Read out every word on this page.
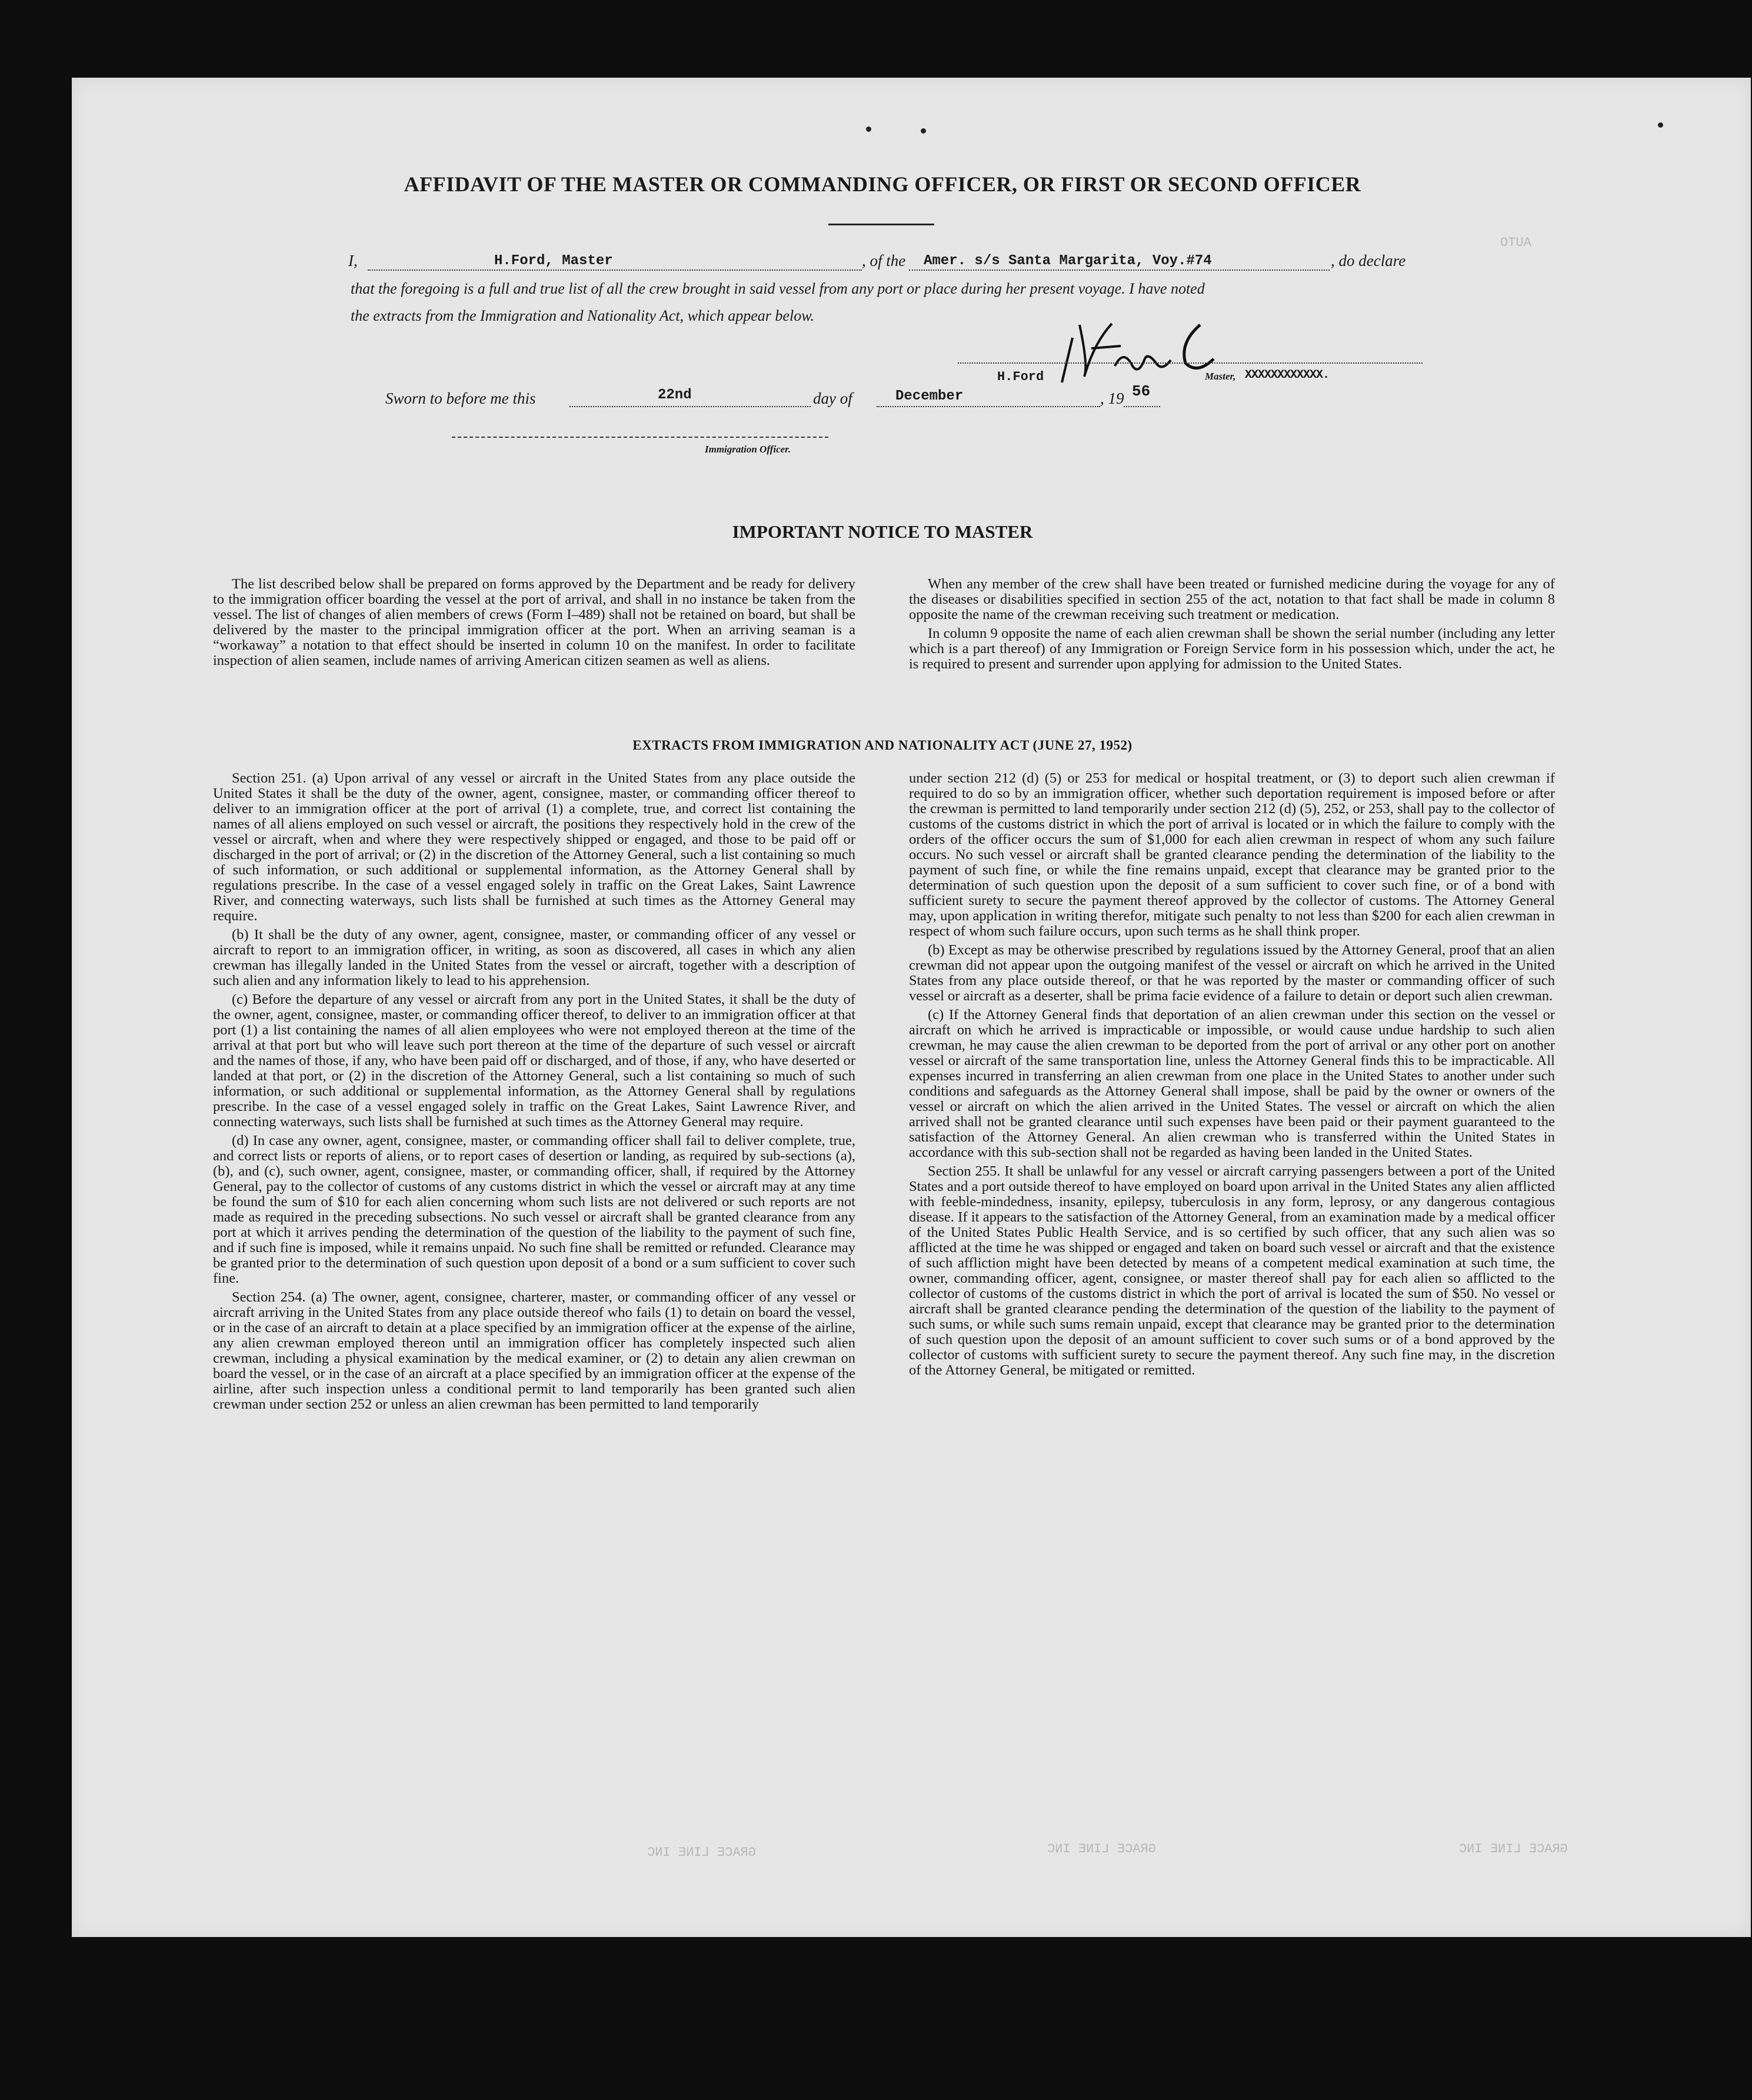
AUTO
GRACE LINE INC	GRACE LINE INC	GRACE LINE INC
AFFIDAVIT OF THE MASTER OR COMMANDING OFFICER, OR FIRST OR SECOND OFFICER
I,	H.Ford, Master	, of the Amer. s/s Santa Margarita, Voy.#74	, do declare
that the foregoing is a full and true list of all the crew brought in said vessel from any port or place during her present voyage. I have noted
the extracts from the Immigration and Nationality Act, which appear below.
H.Ford	Master, XXXXXXXXXXXX.
Sworn to before me this	22nd	day of	December	, 19 56
Immigration Officer.
IMPORTANT NOTICE TO MASTER

The list described below shall be prepared on forms approved by the Department and be ready for delivery to the immigration officer boarding the vessel at the port of arrival, and shall in no instance be taken from the vessel. The list of changes of alien members of crews (Form I–489) shall not be retained on board, but shall be delivered by the master to the principal immigration officer at the port. When an arriving seaman is a “workaway” a notation to that effect should be inserted in column 10 on the manifest. In order to facilitate inspection of alien seamen, include names of arriving American citizen seamen as well as aliens.

When any member of the crew shall have been treated or furnished medicine during the voyage for any of the diseases or disabilities specified in section 255 of the act, notation to that fact shall be made in column 8 opposite the name of the crewman receiving such treatment or medication.

In column 9 opposite the name of each alien crewman shall be shown the serial number (including any letter which is a part thereof) of any Immigration or Foreign Service form in his possession which, under the act, he is required to present and surrender upon applying for admission to the United States.

EXTRACTS FROM IMMIGRATION AND NATIONALITY ACT (JUNE 27, 1952)

Section 251. (a) Upon arrival of any vessel or aircraft in the United States from any place outside the United States it shall be the duty of the owner, agent, consignee, master, or commanding officer thereof to deliver to an immigration officer at the port of arrival (1) a complete, true, and correct list containing the names of all aliens employed on such vessel or aircraft, the positions they respectively hold in the crew of the vessel or aircraft, when and where they were respectively shipped or engaged, and those to be paid off or discharged in the port of arrival; or (2) in the discretion of the Attorney General, such a list containing so much of such information, or such additional or supplemental information, as the Attorney General shall by regulations prescribe. In the case of a vessel engaged solely in traffic on the Great Lakes, Saint Lawrence River, and connecting waterways, such lists shall be furnished at such times as the Attorney General may require.

(b) It shall be the duty of any owner, agent, consignee, master, or commanding officer of any vessel or aircraft to report to an immigration officer, in writing, as soon as discovered, all cases in which any alien crewman has illegally landed in the United States from the vessel or aircraft, together with a description of such alien and any information likely to lead to his apprehension.

(c) Before the departure of any vessel or aircraft from any port in the United States, it shall be the duty of the owner, agent, consignee, master, or commanding officer thereof, to deliver to an immigration officer at that port (1) a list containing the names of all alien employees who were not employed thereon at the time of the arrival at that port but who will leave such port thereon at the time of the departure of such vessel or aircraft and the names of those, if any, who have been paid off or discharged, and of those, if any, who have deserted or landed at that port, or (2) in the discretion of the Attorney General, such a list containing so much of such information, or such additional or supplemental information, as the Attorney General shall by regulations prescribe. In the case of a vessel engaged solely in traffic on the Great Lakes, Saint Lawrence River, and connecting waterways, such lists shall be furnished at such times as the Attorney General may require.

(d) In case any owner, agent, consignee, master, or commanding officer shall fail to deliver complete, true, and correct lists or reports of aliens, or to report cases of desertion or landing, as required by sub-sections (a), (b), and (c), such owner, agent, consignee, master, or commanding officer, shall, if required by the Attorney General, pay to the collector of customs of any customs district in which the vessel or aircraft may at any time be found the sum of $10 for each alien concerning whom such lists are not delivered or such reports are not made as required in the preceding subsections. No such vessel or aircraft shall be granted clearance from any port at which it arrives pending the determination of the question of the liability to the payment of such fine, and if such fine is imposed, while it remains unpaid. No such fine shall be remitted or refunded. Clearance may be granted prior to the determination of such question upon deposit of a bond or a sum sufficient to cover such fine.

Section 254. (a) The owner, agent, consignee, charterer, master, or commanding officer of any vessel or aircraft arriving in the United States from any place outside thereof who fails (1) to detain on board the vessel, or in the case of an aircraft to detain at a place specified by an immigration officer at the expense of the airline, any alien crewman employed thereon until an immigration officer has completely inspected such alien crewman, including a physical examination by the medical examiner, or (2) to detain any alien crewman on board the vessel, or in the case of an aircraft at a place specified by an immigration officer at the expense of the airline, after such inspection unless a conditional permit to land temporarily has been granted such alien crewman under section 252 or unless an alien crewman has been permitted to land temporarily

under section 212 (d) (5) or 253 for medical or hospital treatment, or (3) to deport such alien crewman if required to do so by an immigration officer, whether such deportation requirement is imposed before or after the crewman is permitted to land temporarily under section 212 (d) (5), 252, or 253, shall pay to the collector of customs of the customs district in which the port of arrival is located or in which the failure to comply with the orders of the officer occurs the sum of $1,000 for each alien crewman in respect of whom any such failure occurs. No such vessel or aircraft shall be granted clearance pending the determination of the liability to the payment of such fine, or while the fine remains unpaid, except that clearance may be granted prior to the determination of such question upon the deposit of a sum sufficient to cover such fine, or of a bond with sufficient surety to secure the payment thereof approved by the collector of customs. The Attorney General may, upon application in writing therefor, mitigate such penalty to not less than $200 for each alien crewman in respect of whom such failure occurs, upon such terms as he shall think proper.

(b) Except as may be otherwise prescribed by regulations issued by the Attorney General, proof that an alien crewman did not appear upon the outgoing manifest of the vessel or aircraft on which he arrived in the United States from any place outside thereof, or that he was reported by the master or commanding officer of such vessel or aircraft as a deserter, shall be prima facie evidence of a failure to detain or deport such alien crewman.

(c) If the Attorney General finds that deportation of an alien crewman under this section on the vessel or aircraft on which he arrived is impracticable or impossible, or would cause undue hardship to such alien crewman, he may cause the alien crewman to be deported from the port of arrival or any other port on another vessel or aircraft of the same transportation line, unless the Attorney General finds this to be impracticable. All expenses incurred in transferring an alien crewman from one place in the United States to another under such conditions and safeguards as the Attorney General shall impose, shall be paid by the owner or owners of the vessel or aircraft on which the alien arrived in the United States. The vessel or aircraft on which the alien arrived shall not be granted clearance until such expenses have been paid or their payment guaranteed to the satisfaction of the Attorney General. An alien crewman who is transferred within the United States in accordance with this sub-section shall not be regarded as having been landed in the United States.

Section 255. It shall be unlawful for any vessel or aircraft carrying passengers between a port of the United States and a port outside thereof to have employed on board upon arrival in the United States any alien afflicted with feeble-mindedness, insanity, epilepsy, tuberculosis in any form, leprosy, or any dangerous contagious disease. If it appears to the satisfaction of the Attorney General, from an examination made by a medical officer of the United States Public Health Service, and is so certified by such officer, that any such alien was so afflicted at the time he was shipped or engaged and taken on board such vessel or aircraft and that the existence of such affliction might have been detected by means of a competent medical examination at such time, the owner, commanding officer, agent, consignee, or master thereof shall pay for each alien so afflicted to the collector of customs of the customs district in which the port of arrival is located the sum of $50. No vessel or aircraft shall be granted clearance pending the determination of the question of the liability to the payment of such sums, or while such sums remain unpaid, except that clearance may be granted prior to the determination of such question upon the deposit of an amount sufficient to cover such sums or of a bond approved by the collector of customs with sufficient surety to secure the payment thereof. Any such fine may, in the discretion of the Attorney General, be mitigated or remitted.
